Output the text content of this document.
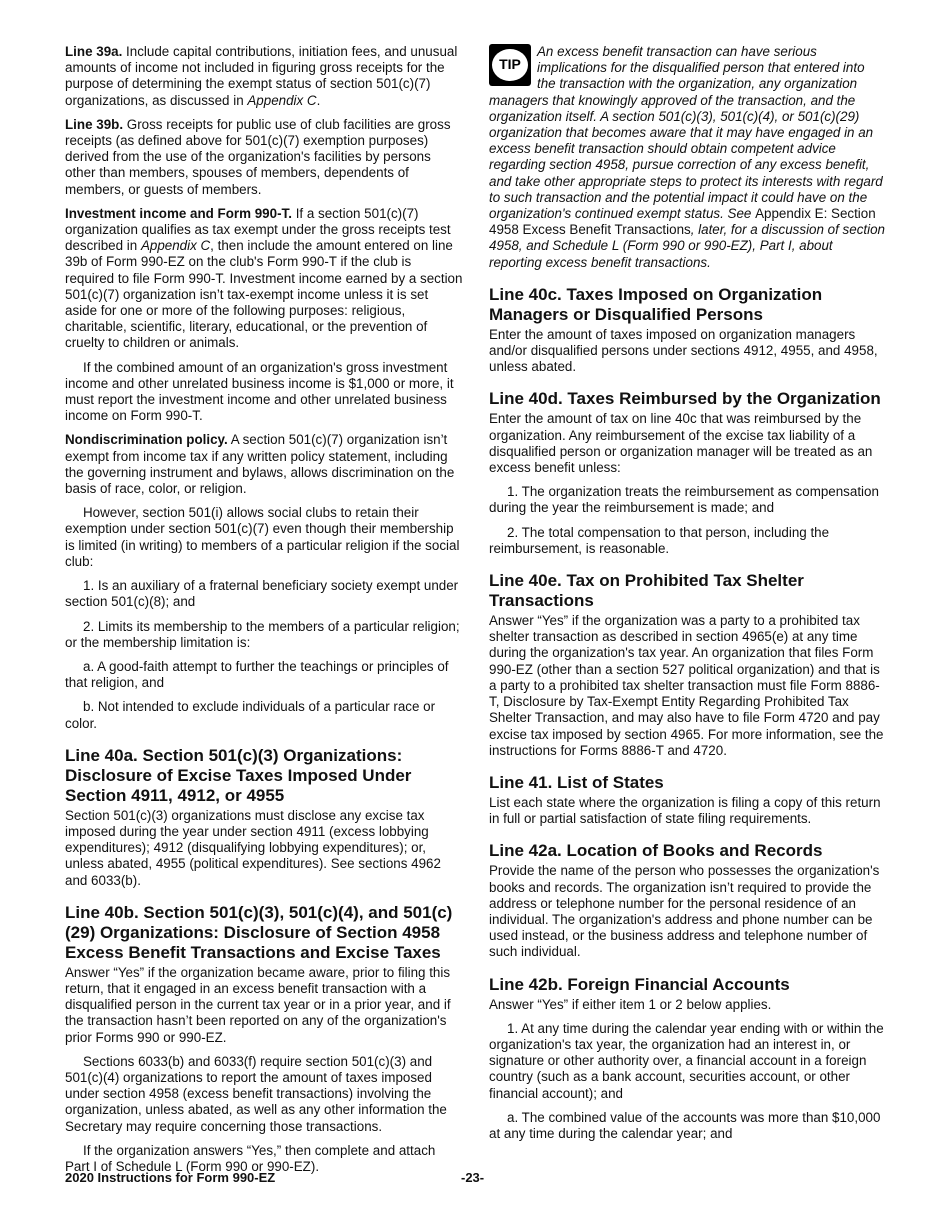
Line 39a. Include capital contributions, initiation fees, and unusual amounts of income not included in figuring gross receipts for the purpose of determining the exempt status of section 501(c)(7) organizations, as discussed in Appendix C.

Line 39b. Gross receipts for public use of club facilities are gross receipts (as defined above for 501(c)(7) exemption purposes) derived from the use of the organization's facilities by persons other than members, spouses of members, dependents of members, or guests of members.

Investment income and Form 990-T. If a section 501(c)(7) organization qualifies as tax exempt under the gross receipts test described in Appendix C, then include the amount entered on line 39b of Form 990-EZ on the club's Form 990-T if the club is required to file Form 990-T. Investment income earned by a section 501(c)(7) organization isn’t tax-exempt income unless it is set aside for one or more of the following purposes: religious, charitable, scientific, literary, educational, or the prevention of cruelty to children or animals.

If the combined amount of an organization's gross investment income and other unrelated business income is $1,000 or more, it must report the investment income and other unrelated business income on Form 990-T.

Nondiscrimination policy. A section 501(c)(7) organization isn’t exempt from income tax if any written policy statement, including the governing instrument and bylaws, allows discrimination on the basis of race, color, or religion.

However, section 501(i) allows social clubs to retain their exemption under section 501(c)(7) even though their membership is limited (in writing) to members of a particular religion if the social club:

1. Is an auxiliary of a fraternal beneficiary society exempt under section 501(c)(8); and

2. Limits its membership to the members of a particular religion; or the membership limitation is:

a. A good-faith attempt to further the teachings or principles of that religion, and

b. Not intended to exclude individuals of a particular race or color.

Line 40a. Section 501(c)(3) Organizations: Disclosure of Excise Taxes Imposed Under Section 4911, 4912, or 4955

Section 501(c)(3) organizations must disclose any excise tax imposed during the year under section 4911 (excess lobbying expenditures); 4912 (disqualifying lobbying expenditures); or, unless abated, 4955 (political expenditures). See sections 4962 and 6033(b).

Line 40b. Section 501(c)(3), 501(c)(4), and 501(c)(29) Organizations: Disclosure of Section 4958 Excess Benefit Transactions and Excise Taxes

Answer “Yes” if the organization became aware, prior to filing this return, that it engaged in an excess benefit transaction with a disqualified person in the current tax year or in a prior year, and if the transaction hasn’t been reported on any of the organization's prior Forms 990 or 990-EZ.

Sections 6033(b) and 6033(f) require section 501(c)(3) and 501(c)(4) organizations to report the amount of taxes imposed under section 4958 (excess benefit transactions) involving the organization, unless abated, as well as any other information the Secretary may require concerning those transactions.

If the organization answers “Yes,” then complete and attach Part I of Schedule L (Form 990 or 990-EZ).

TIP

An excess benefit transaction can have serious implications for the disqualified person that entered into the transaction with the organization, any organization managers that knowingly approved of the transaction, and the organization itself. A section 501(c)(3), 501(c)(4), or 501(c)(29) organization that becomes aware that it may have engaged in an excess benefit transaction should obtain competent advice regarding section 4958, pursue correction of any excess benefit, and take other appropriate steps to protect its interests with regard to such transaction and the potential impact it could have on the organization's continued exempt status. See Appendix E: Section 4958 Excess Benefit Transactions, later, for a discussion of section 4958, and Schedule L (Form 990 or 990-EZ), Part I, about reporting excess benefit transactions.

Line 40c. Taxes Imposed on Organization Managers or Disqualified Persons

Enter the amount of taxes imposed on organization managers and/or disqualified persons under sections 4912, 4955, and 4958, unless abated.

Line 40d. Taxes Reimbursed by the Organization

Enter the amount of tax on line 40c that was reimbursed by the organization. Any reimbursement of the excise tax liability of a disqualified person or organization manager will be treated as an excess benefit unless:

1. The organization treats the reimbursement as compensation during the year the reimbursement is made; and

2. The total compensation to that person, including the reimbursement, is reasonable.

Line 40e. Tax on Prohibited Tax Shelter Transactions

Answer “Yes” if the organization was a party to a prohibited tax shelter transaction as described in section 4965(e) at any time during the organization's tax year. An organization that files Form 990-EZ (other than a section 527 political organization) and that is a party to a prohibited tax shelter transaction must file Form 8886-T, Disclosure by Tax-Exempt Entity Regarding Prohibited Tax Shelter Transaction, and may also have to file Form 4720 and pay excise tax imposed by section 4965. For more information, see the instructions for Forms 8886-T and 4720.

Line 41. List of States

List each state where the organization is filing a copy of this return in full or partial satisfaction of state filing requirements.

Line 42a. Location of Books and Records

Provide the name of the person who possesses the organization's books and records. The organization isn’t required to provide the address or telephone number for the personal residence of an individual. The organization's address and phone number can be used instead, or the business address and telephone number of such individual.

Line 42b. Foreign Financial Accounts

Answer “Yes” if either item 1 or 2 below applies.

1. At any time during the calendar year ending with or within the organization's tax year, the organization had an interest in, or signature or other authority over, a financial account in a foreign country (such as a bank account, securities account, or other financial account); and

a. The combined value of the accounts was more than $10,000 at any time during the calendar year; and

2020 Instructions for Form 990-EZ	-23-
